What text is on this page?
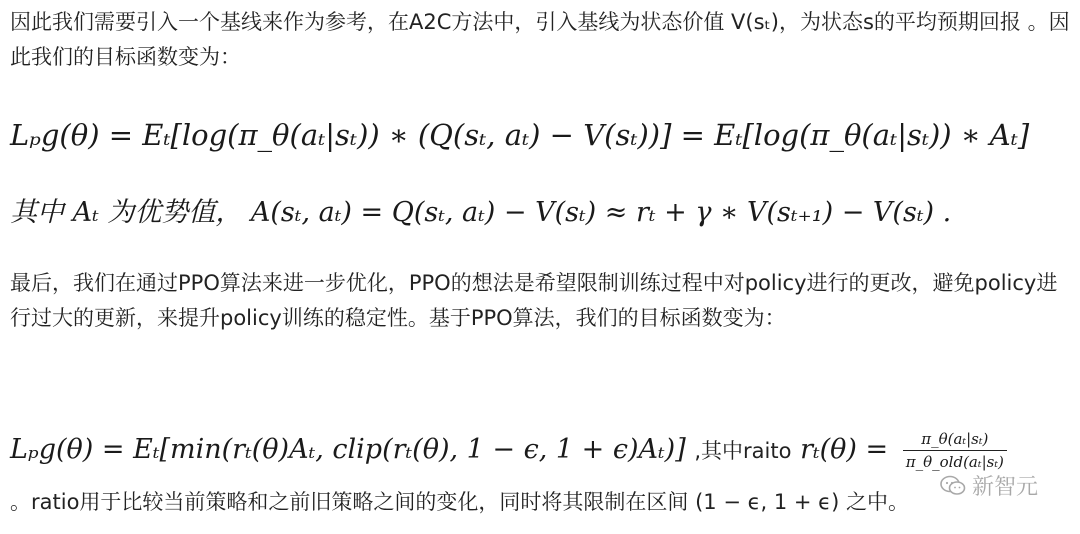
因此我们需要引入一个基线来作为参考，在A2C方法中，引入基线为状态价值 V(sₜ)，为状态s的平均预期回报 。因此我们的目标函数变为：

Lₚg(θ) = Eₜ[log(π_θ(aₜ|sₜ)) ∗ (Q(sₜ, aₜ) − V(sₜ))] = Eₜ[log(π_θ(aₜ|sₜ)) ∗ Aₜ]
其中 Aₜ 为优势值， A(sₜ, aₜ) = Q(sₜ, aₜ) − V(sₜ) ≈ rₜ + γ ∗ V(sₜ₊₁) − V(sₜ) .

最后，我们在通过PPO算法来进一步优化，PPO的想法是希望限制训练过程中对policy进行的更改，避免policy进行过大的更新，来提升policy训练的稳定性。基于PPO算法，我们的目标函数变为：

Lₚg(θ) = Eₜ[min(rₜ(θ)Aₜ, clip(rₜ(θ), 1 − ϵ, 1 + ϵ)Aₜ)] ,其中raito $r_t(\theta) = \frac{\text{π\_θ(aₜ|sₜ)}}{\text{π\_θ\_old(aₜ|sₜ)}}$

。ratio用于比较当前策略和之前旧策略之间的变化，同时将其限制在区间 (1 − ϵ, 1 + ϵ) 之中。

新智元
